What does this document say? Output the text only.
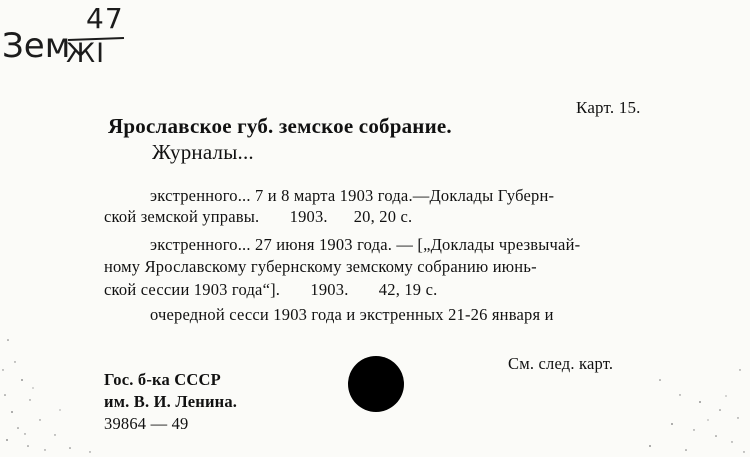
47
Зем
ЖI
Карт. 15.
Ярославское губ. земское собрание.
Журналы...
экстренного... 7 и 8 марта 1903 года.—Доклады Губерн-
ской земской управы.       1903.      20, 20 с.
экстренного... 27 июня 1903 года. — [„Доклады чрезвычай-
ному Ярославскому губернскому земскому собранию июнь-
ской сессии 1903 года“].       1903.       42, 19 с.
очередной сесси 1903 года и экстренных 21-26 января и
См. след. карт.
Гос. б-ка СССР
им. В. И. Ленина.
39864 — 49
